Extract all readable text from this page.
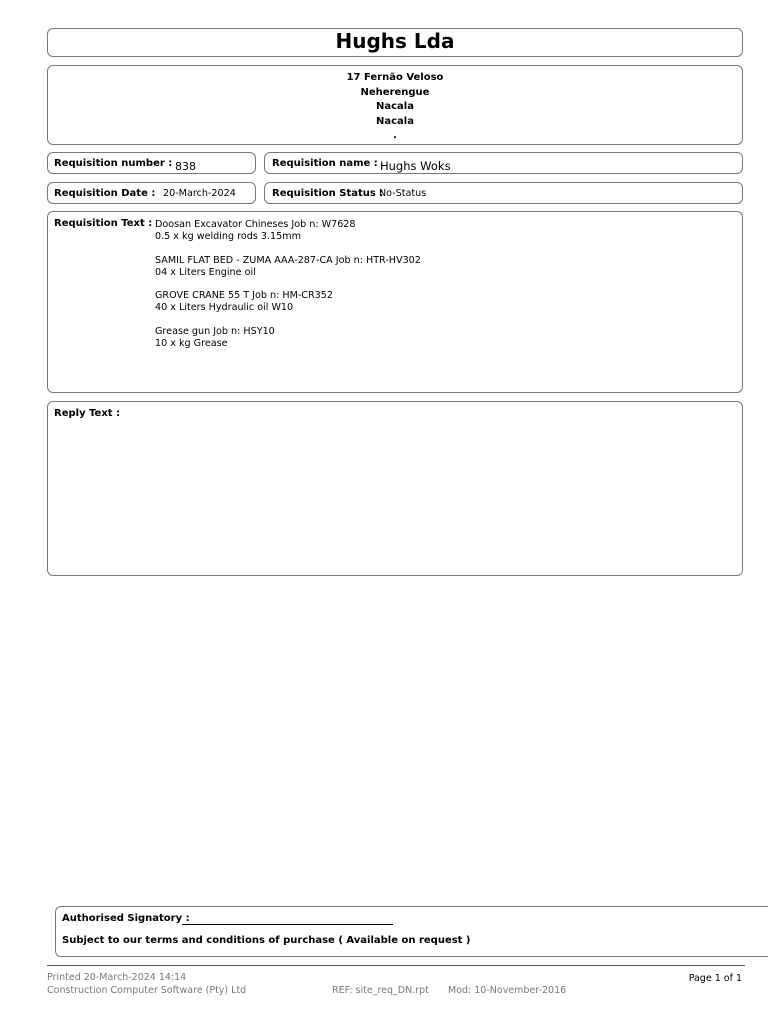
Hughs Lda
17 Fernão Veloso
Neherengue
Nacala
Nacala
.
Requisition number : 838	Requisition name : Hughs Woks
Requisition Date : 20-March-2024	Requisition Status :
No-Status
Requisition Text : Doosan Excavator Chineses Job n: W7628
0.5 x kg welding rods 3.15mm
SAMIL FLAT BED - ZUMA AAA-287-CA Job n: HTR-HV302
04 x Liters Engine oil
GROVE CRANE 55 T Job n: HM-CR352
40 x Liters Hydraulic oil W10
Grease gun Job n: HSY10
10 x kg Grease
Reply Text :
Authorised Signatory :
Subject to our terms and conditions of purchase ( Available on request )
Printed 20-March-2024 14:14
Construction Computer Software (Pty) Ltd	REF: site_req_DN.rpt Mod: 10-November-2016
Page 1 of 1
